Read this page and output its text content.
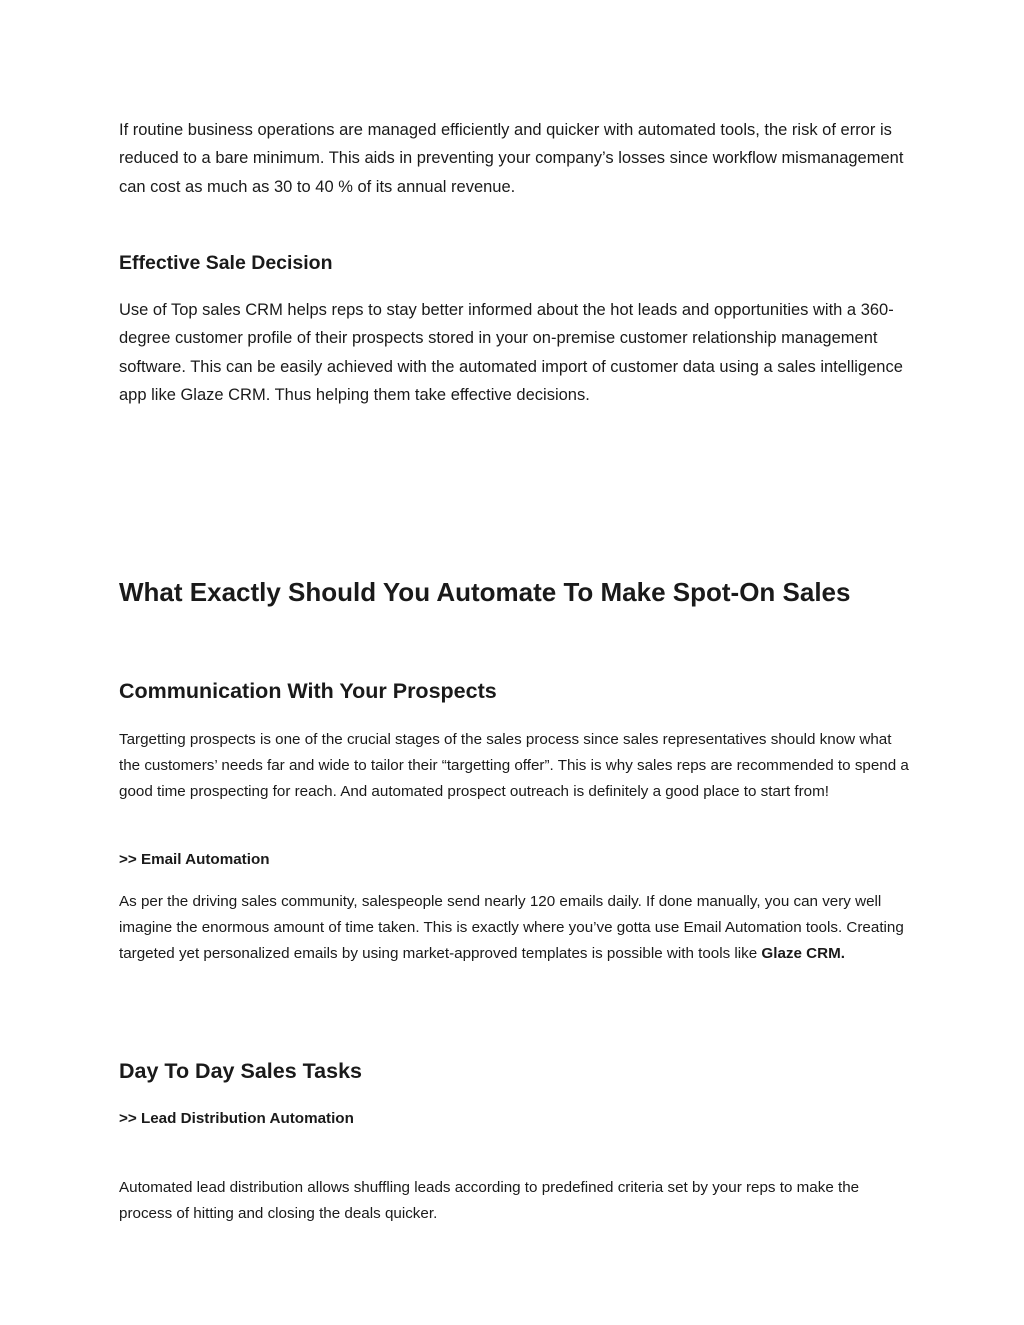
If routine business operations are managed efficiently and quicker with automated tools, the risk of error is reduced to a bare minimum. This aids in preventing your company’s losses since workflow mismanagement can cost as much as 30 to 40 % of its annual revenue.

Effective Sale Decision

Use of Top sales CRM helps reps to stay better informed about the hot leads and opportunities with a 360-degree customer profile of their prospects stored in your on-premise customer relationship management software. This can be easily achieved with the automated import of customer data using a sales intelligence app like Glaze CRM. Thus helping them take effective decisions.

What Exactly Should You Automate To Make Spot-On Sales
Communication With Your Prospects

Targetting prospects is one of the crucial stages of the sales process since sales representatives should know what the customers’ needs far and wide to tailor their “targetting offer”. This is why sales reps are recommended to spend a good time prospecting for reach. And automated prospect outreach is definitely a good place to start from!

>> Email Automation

As per the driving sales community, salespeople send nearly 120 emails daily. If done manually, you can very well imagine the enormous amount of time taken. This is exactly where you’ve gotta use Email Automation tools. Creating targeted yet personalized emails by using market-approved templates is possible with tools like Glaze CRM.

Day To Day Sales Tasks
>> Lead Distribution Automation

Automated lead distribution allows shuffling leads according to predefined criteria set by your reps to make the process of hitting and closing the deals quicker.
